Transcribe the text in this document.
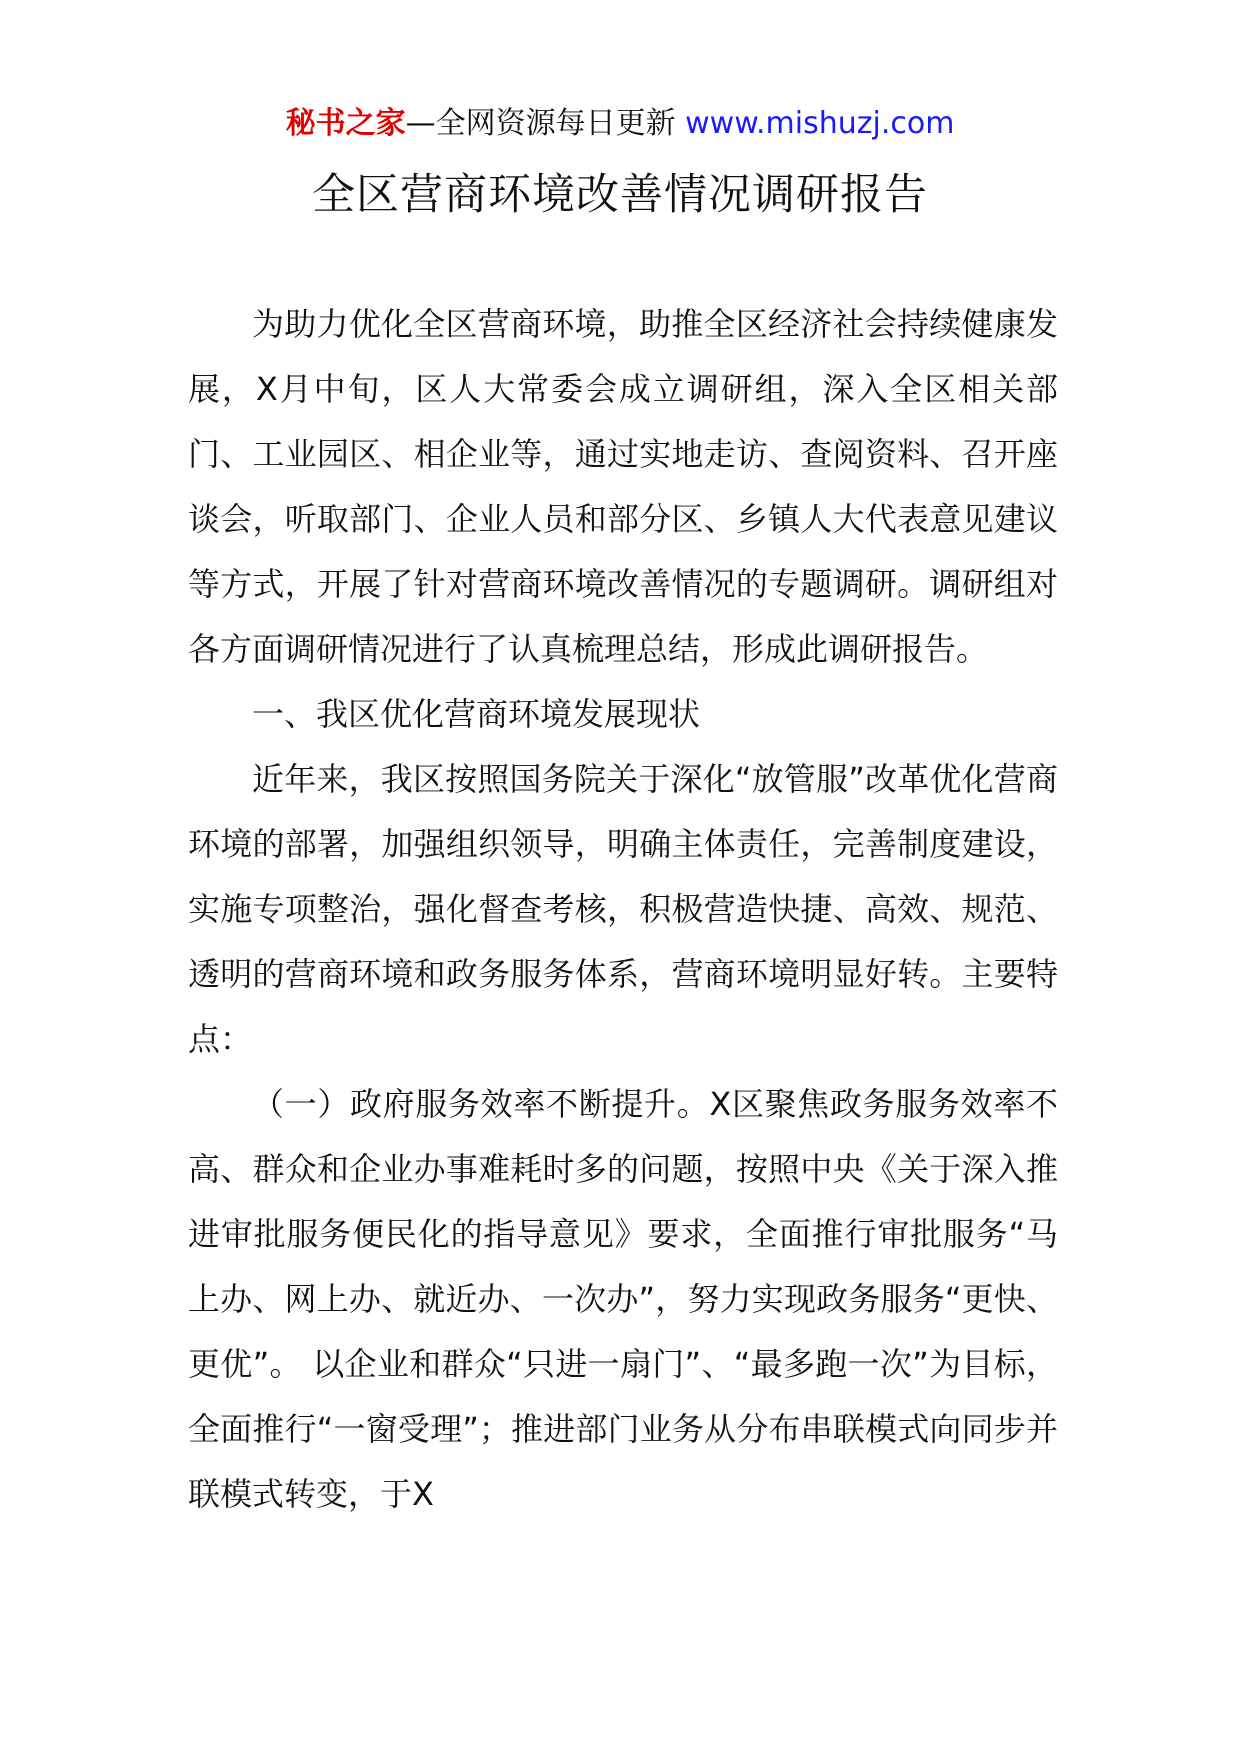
秘书之家—全网资源每日更新 www.mishuzj.com
全区营商环境改善情况调研报告

为助力优化全区营商环境，助推全区经济社会持续健康发展，X月中旬，区人大常委会成立调研组，深入全区相关部门、工业园区、相企业等，通过实地走访、查阅资料、召开座谈会，听取部门、企业人员和部分区、乡镇人大代表意见建议等方式，开展了针对营商环境改善情况的专题调研。调研组对各方面调研情况进行了认真梳理总结，形成此调研报告。

一、我区优化营商环境发展现状

近年来，我区按照国务院关于深化“放管服”改革优化营商环境的部署，加强组织领导，明确主体责任，完善制度建设，实施专项整治，强化督查考核，积极营造快捷、高效、规范、透明的营商环境和政务服务体系，营商环境明显好转。主要特点：

（一）政府服务效率不断提升。X区聚焦政务服务效率不高、群众和企业办事难耗时多的问题，按照中央《关于深入推进审批服务便民化的指导意见》要求，全面推行审批服务“马上办、网上办、就近办、一次办”，努力实现政务服务“更快、更优”。 以企业和群众“只进一扇门”、“最多跑一次”为目标，全面推行“一窗受理”；推进部门业务从分布串联模式向同步并联模式转变，于X
